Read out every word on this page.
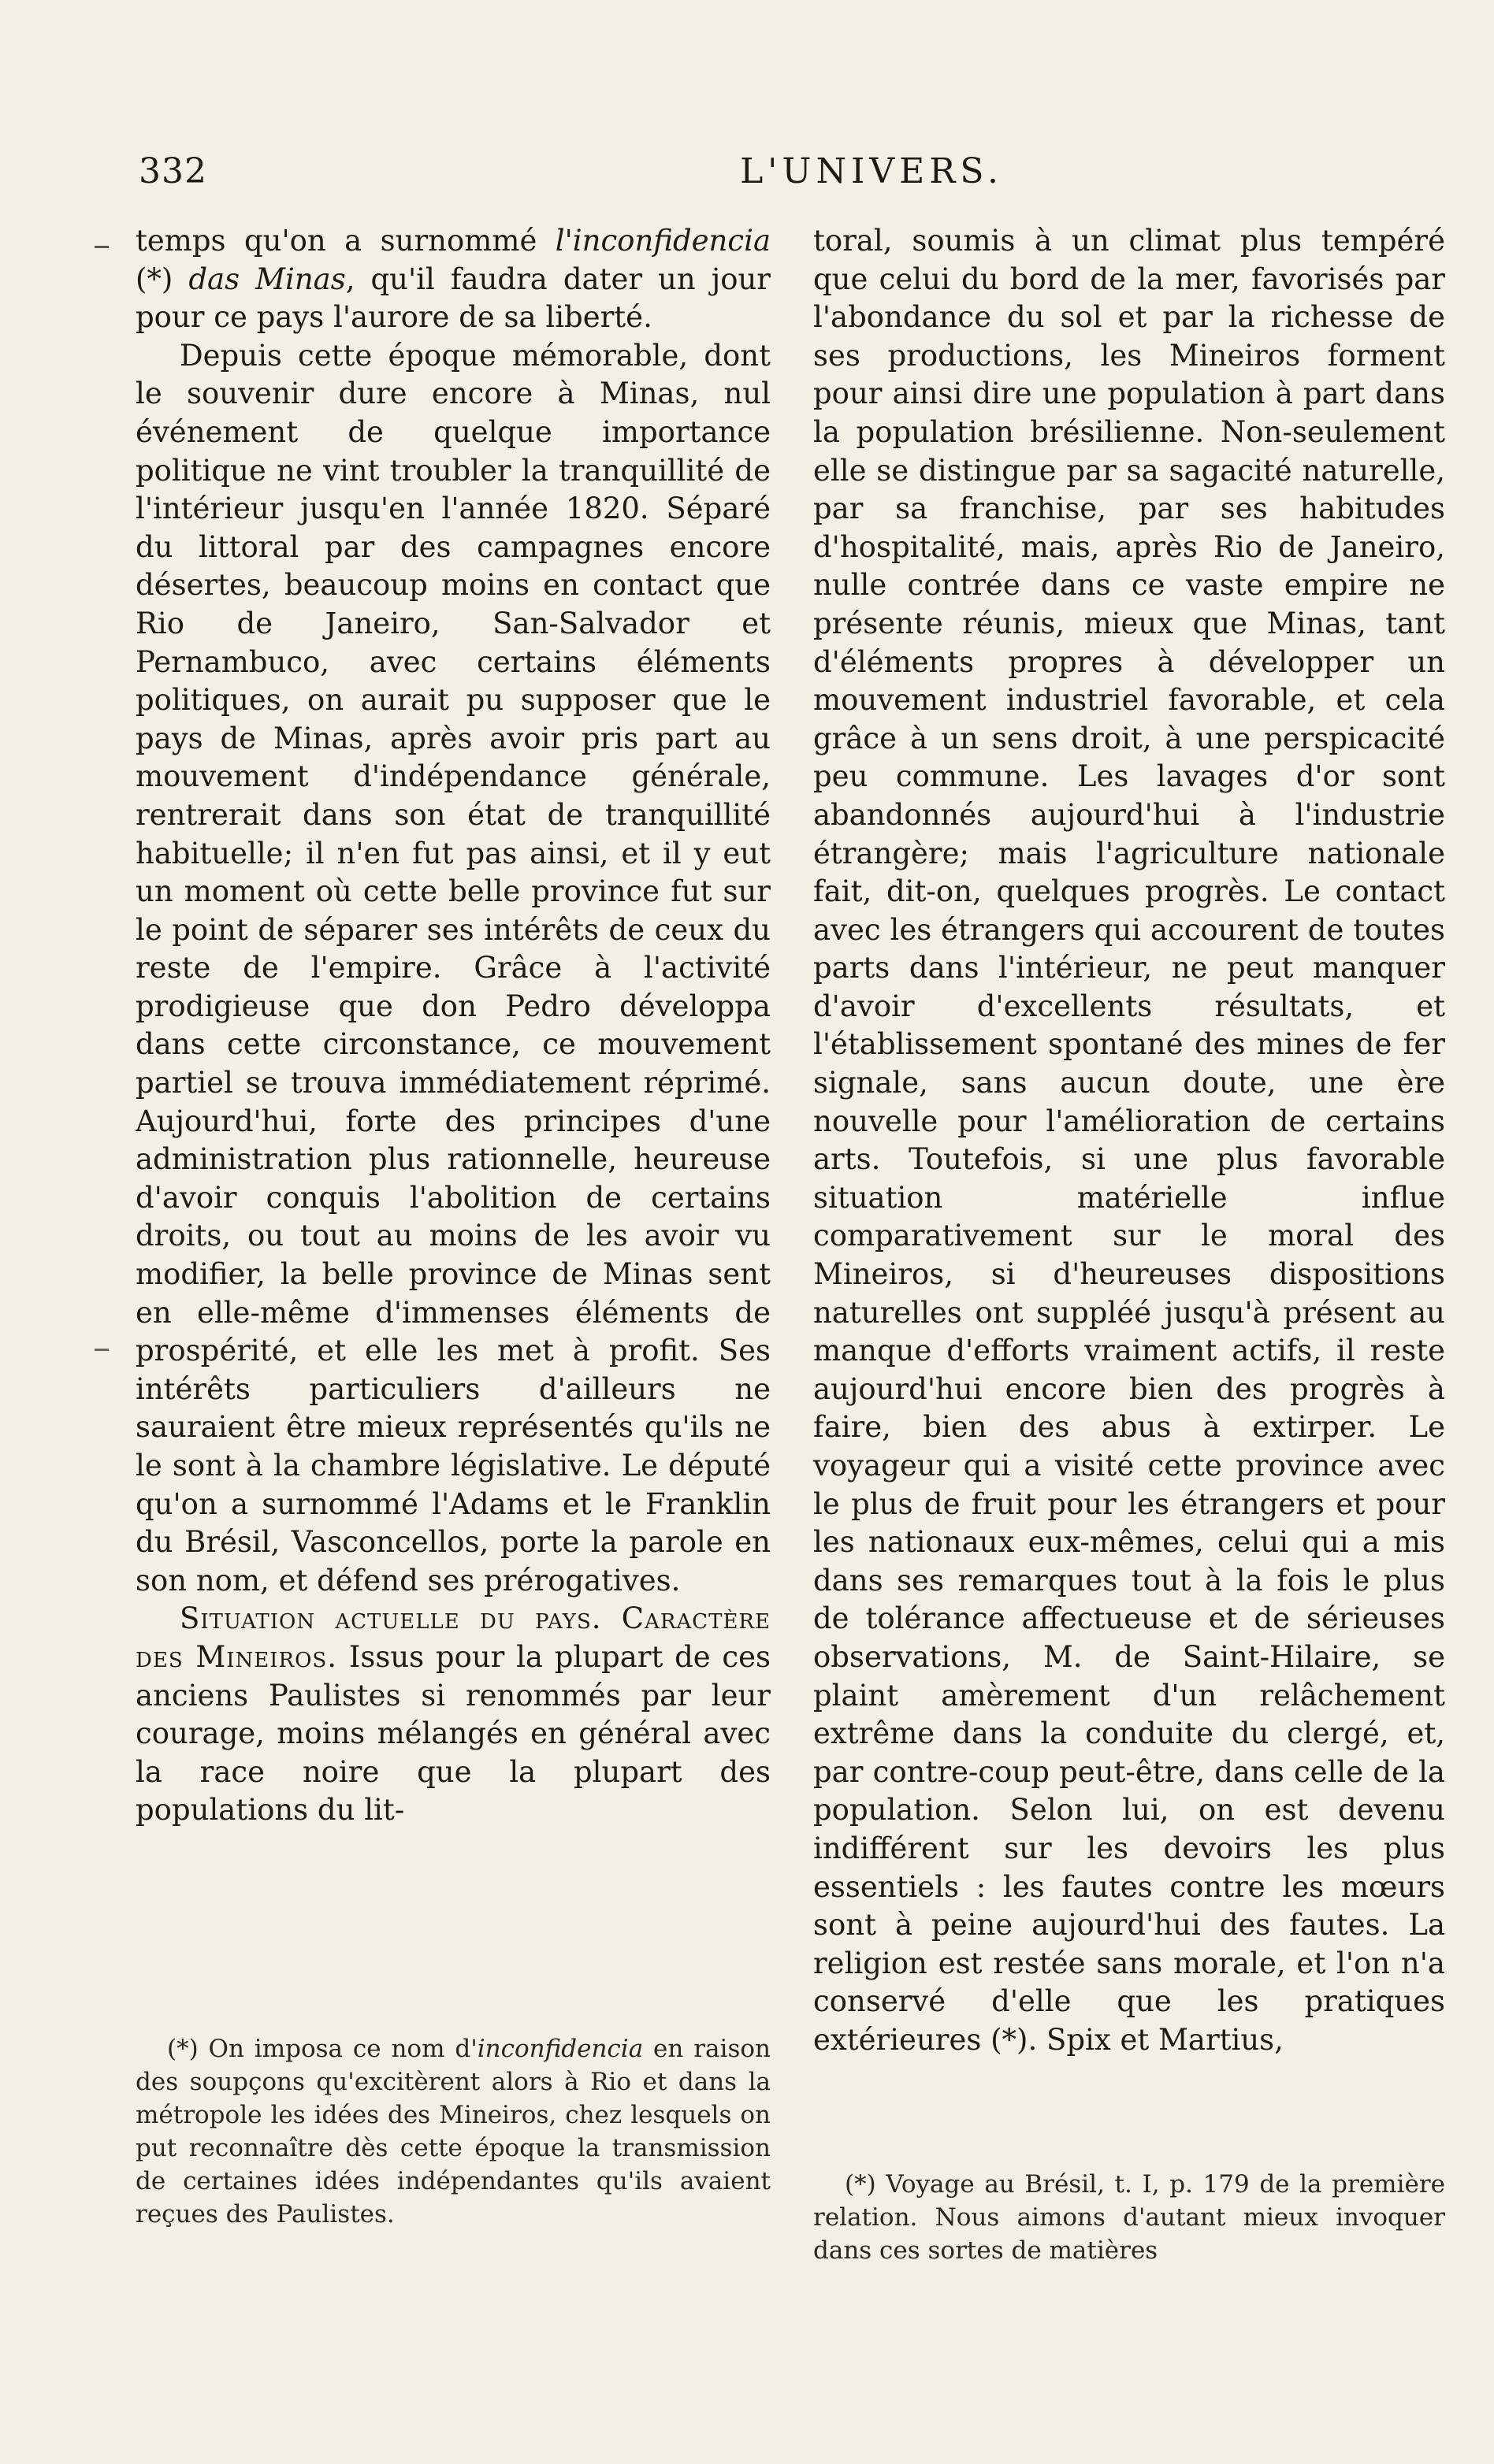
332	L'UNIVERS.

temps qu'on a surnommé l'inconfidencia (*) das Minas, qu'il faudra dater un jour pour ce pays l'aurore de sa liberté.

Depuis cette époque mémorable, dont le souvenir dure encore à Minas, nul événement de quelque importance politique ne vint troubler la tranquillité de l'intérieur jusqu'en l'année 1820. Séparé du littoral par des campagnes encore désertes, beaucoup moins en contact que Rio de Janeiro, San-Salvador et Pernambuco, avec certains éléments politiques, on aurait pu supposer que le pays de Minas, après avoir pris part au mouvement d'indépendance générale, rentrerait dans son état de tranquillité habituelle; il n'en fut pas ainsi, et il y eut un moment où cette belle province fut sur le point de séparer ses intérêts de ceux du reste de l'empire. Grâce à l'activité prodigieuse que don Pedro développa dans cette circonstance, ce mouvement partiel se trouva immédiatement réprimé. Aujourd'hui, forte des principes d'une administration plus rationnelle, heureuse d'avoir conquis l'abolition de certains droits, ou tout au moins de les avoir vu modifier, la belle province de Minas sent en elle-même d'immenses éléments de prospérité, et elle les met à profit. Ses intérêts particuliers d'ailleurs ne sauraient être mieux représentés qu'ils ne le sont à la chambre législative. Le député qu'on a surnommé l'Adams et le Franklin du Brésil, Vasconcellos, porte la parole en son nom, et défend ses prérogatives.

Situation actuelle du pays. Caractère des Mineiros. Issus pour la plupart de ces anciens Paulistes si renommés par leur courage, moins mélangés en général avec la race noire que la plupart des populations du lit-

toral, soumis à un climat plus tempéré que celui du bord de la mer, favorisés par l'abondance du sol et par la richesse de ses productions, les Mineiros forment pour ainsi dire une population à part dans la population brésilienne. Non-seulement elle se distingue par sa sagacité naturelle, par sa franchise, par ses habitudes d'hospitalité, mais, après Rio de Janeiro, nulle contrée dans ce vaste empire ne présente réunis, mieux que Minas, tant d'éléments propres à développer un mouvement industriel favorable, et cela grâce à un sens droit, à une perspicacité peu commune. Les lavages d'or sont abandonnés aujourd'hui à l'industrie étrangère; mais l'agriculture nationale fait, dit-on, quelques progrès. Le contact avec les étrangers qui accourent de toutes parts dans l'intérieur, ne peut manquer d'avoir d'excellents résultats, et l'établissement spontané des mines de fer signale, sans aucun doute, une ère nouvelle pour l'amélioration de certains arts. Toutefois, si une plus favorable situation matérielle influe comparativement sur le moral des Mineiros, si d'heureuses dispositions naturelles ont suppléé jusqu'à présent au manque d'efforts vraiment actifs, il reste aujourd'hui encore bien des progrès à faire, bien des abus à extirper. Le voyageur qui a visité cette province avec le plus de fruit pour les étrangers et pour les nationaux eux-mêmes, celui qui a mis dans ses remarques tout à la fois le plus de tolérance affectueuse et de sérieuses observations, M. de Saint-Hilaire, se plaint amèrement d'un relâchement extrême dans la conduite du clergé, et, par contre-coup peut-être, dans celle de la population. Selon lui, on est devenu indifférent sur les devoirs les plus essentiels : les fautes contre les mœurs sont à peine aujourd'hui des fautes. La religion est restée sans morale, et l'on n'a conservé d'elle que les pratiques extérieures (*). Spix et Martius,

(*) On imposa ce nom d'inconfidencia en raison des soupçons qu'excitèrent alors à Rio et dans la métropole les idées des Mineiros, chez lesquels on put reconnaître dès cette époque la transmission de certaines idées indépendantes qu'ils avaient reçues des Paulistes.
(*) Voyage au Brésil, t. I, p. 179 de la première relation. Nous aimons d'autant mieux invoquer dans ces sortes de matières
